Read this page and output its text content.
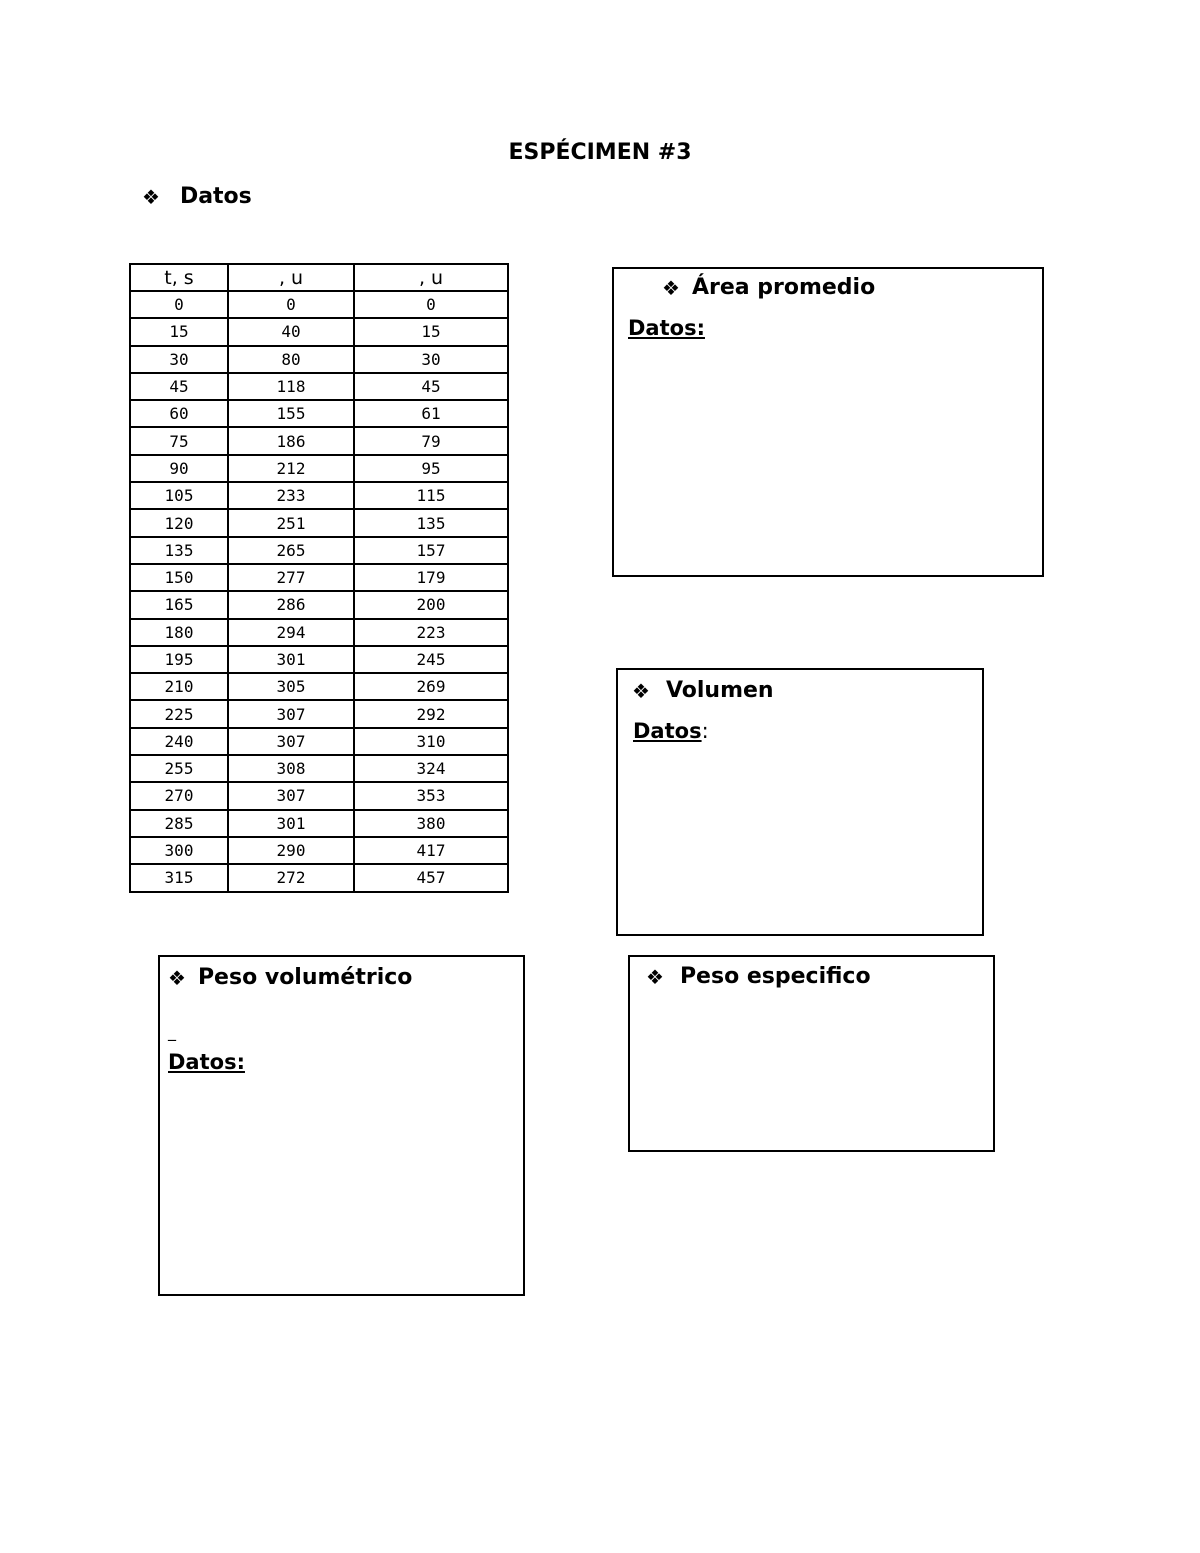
ESPÉCIMEN #3
❖ Datos
t, s	, u	, u
0	0	0
15	40	15
30	80	30
45	118	45
60	155	61
75	186	79
90	212	95
105	233	115
120	251	135
135	265	157
150	277	179
165	286	200
180	294	223
195	301	245
210	305	269
225	307	292
240	307	310
255	308	324
270	307	353
285	301	380
300	290	417
315	272	457
❖ Área promedio
Datos:
❖ Volumen
Datos:
❖ Peso volumétrico
_
Datos:
❖ Peso especifico
